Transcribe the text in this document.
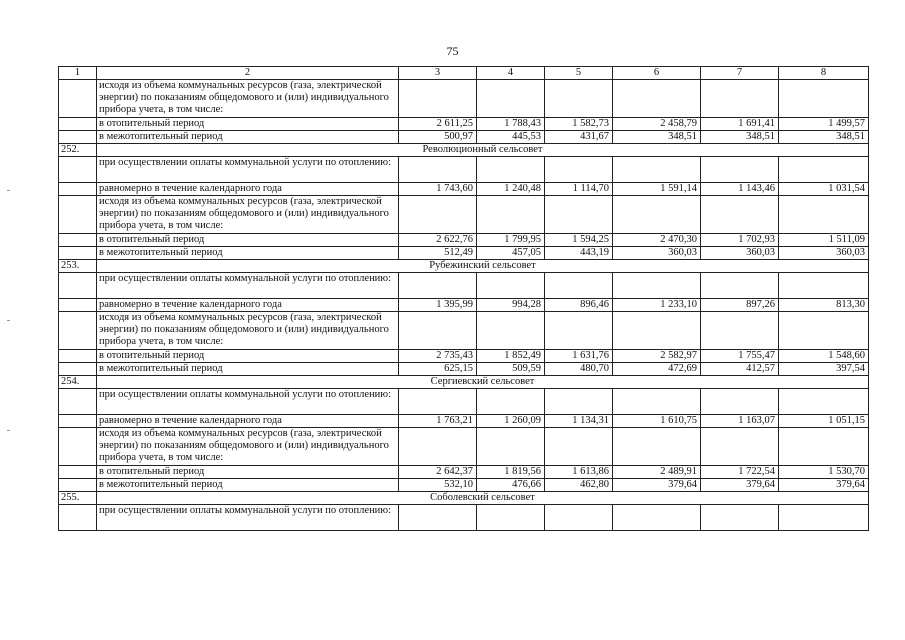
75
1	2	3	4	5	6	7	8
	исходя из объема коммунальных ресурсов (газа, электрической энергии) по показаниям общедомового и (или) индивидуального прибора учета, в том числе:						
	в отопительный период	2 611,25	1 788,43	1 582,73	2 458,79	1 691,41	1 499,57
	в межотопительный период	500,97	445,53	431,67	348,51	348,51	348,51
252.	Революционный сельсовет						
	при осуществлении оплаты коммунальной услуги по отоплению:						
	равномерно в течение календарного года	1 743,60	1 240,48	1 114,70	1 591,14	1 143,46	1 031,54
	исходя из объема коммунальных ресурсов (газа, электрической энергии) по показаниям общедомового и (или) индивидуального прибора учета, в том числе:						
	в отопительный период	2 622,76	1 799,95	1 594,25	2 470,30	1 702,93	1 511,09
	в межотопительный период	512,49	457,05	443,19	360,03	360,03	360,03
253.	Рубежинский сельсовет						
	при осуществлении оплаты коммунальной услуги по отоплению:						
	равномерно в течение календарного года	1 395,99	994,28	896,46	1 233,10	897,26	813,30
	исходя из объема коммунальных ресурсов (газа, электрической энергии) по показаниям общедомового и (или) индивидуального прибора учета, в том числе:						
	в отопительный период	2 735,43	1 852,49	1 631,76	2 582,97	1 755,47	1 548,60
	в межотопительный период	625,15	509,59	480,70	472,69	412,57	397,54
254.	Сергиевский сельсовет						
	при осуществлении оплаты коммунальной услуги по отоплению:						
	равномерно в течение календарного года	1 763,21	1 260,09	1 134,31	1 610,75	1 163,07	1 051,15
	исходя из объема коммунальных ресурсов (газа, электрической энергии) по показаниям общедомового и (или) индивидуального прибора учета, в том числе:						
	в отопительный период	2 642,37	1 819,56	1 613,86	2 489,91	1 722,54	1 530,70
	в межотопительный период	532,10	476,66	462,80	379,64	379,64	379,64
255.	Соболевский сельсовет						
	при осуществлении оплаты коммунальной услуги по отоплению:						
